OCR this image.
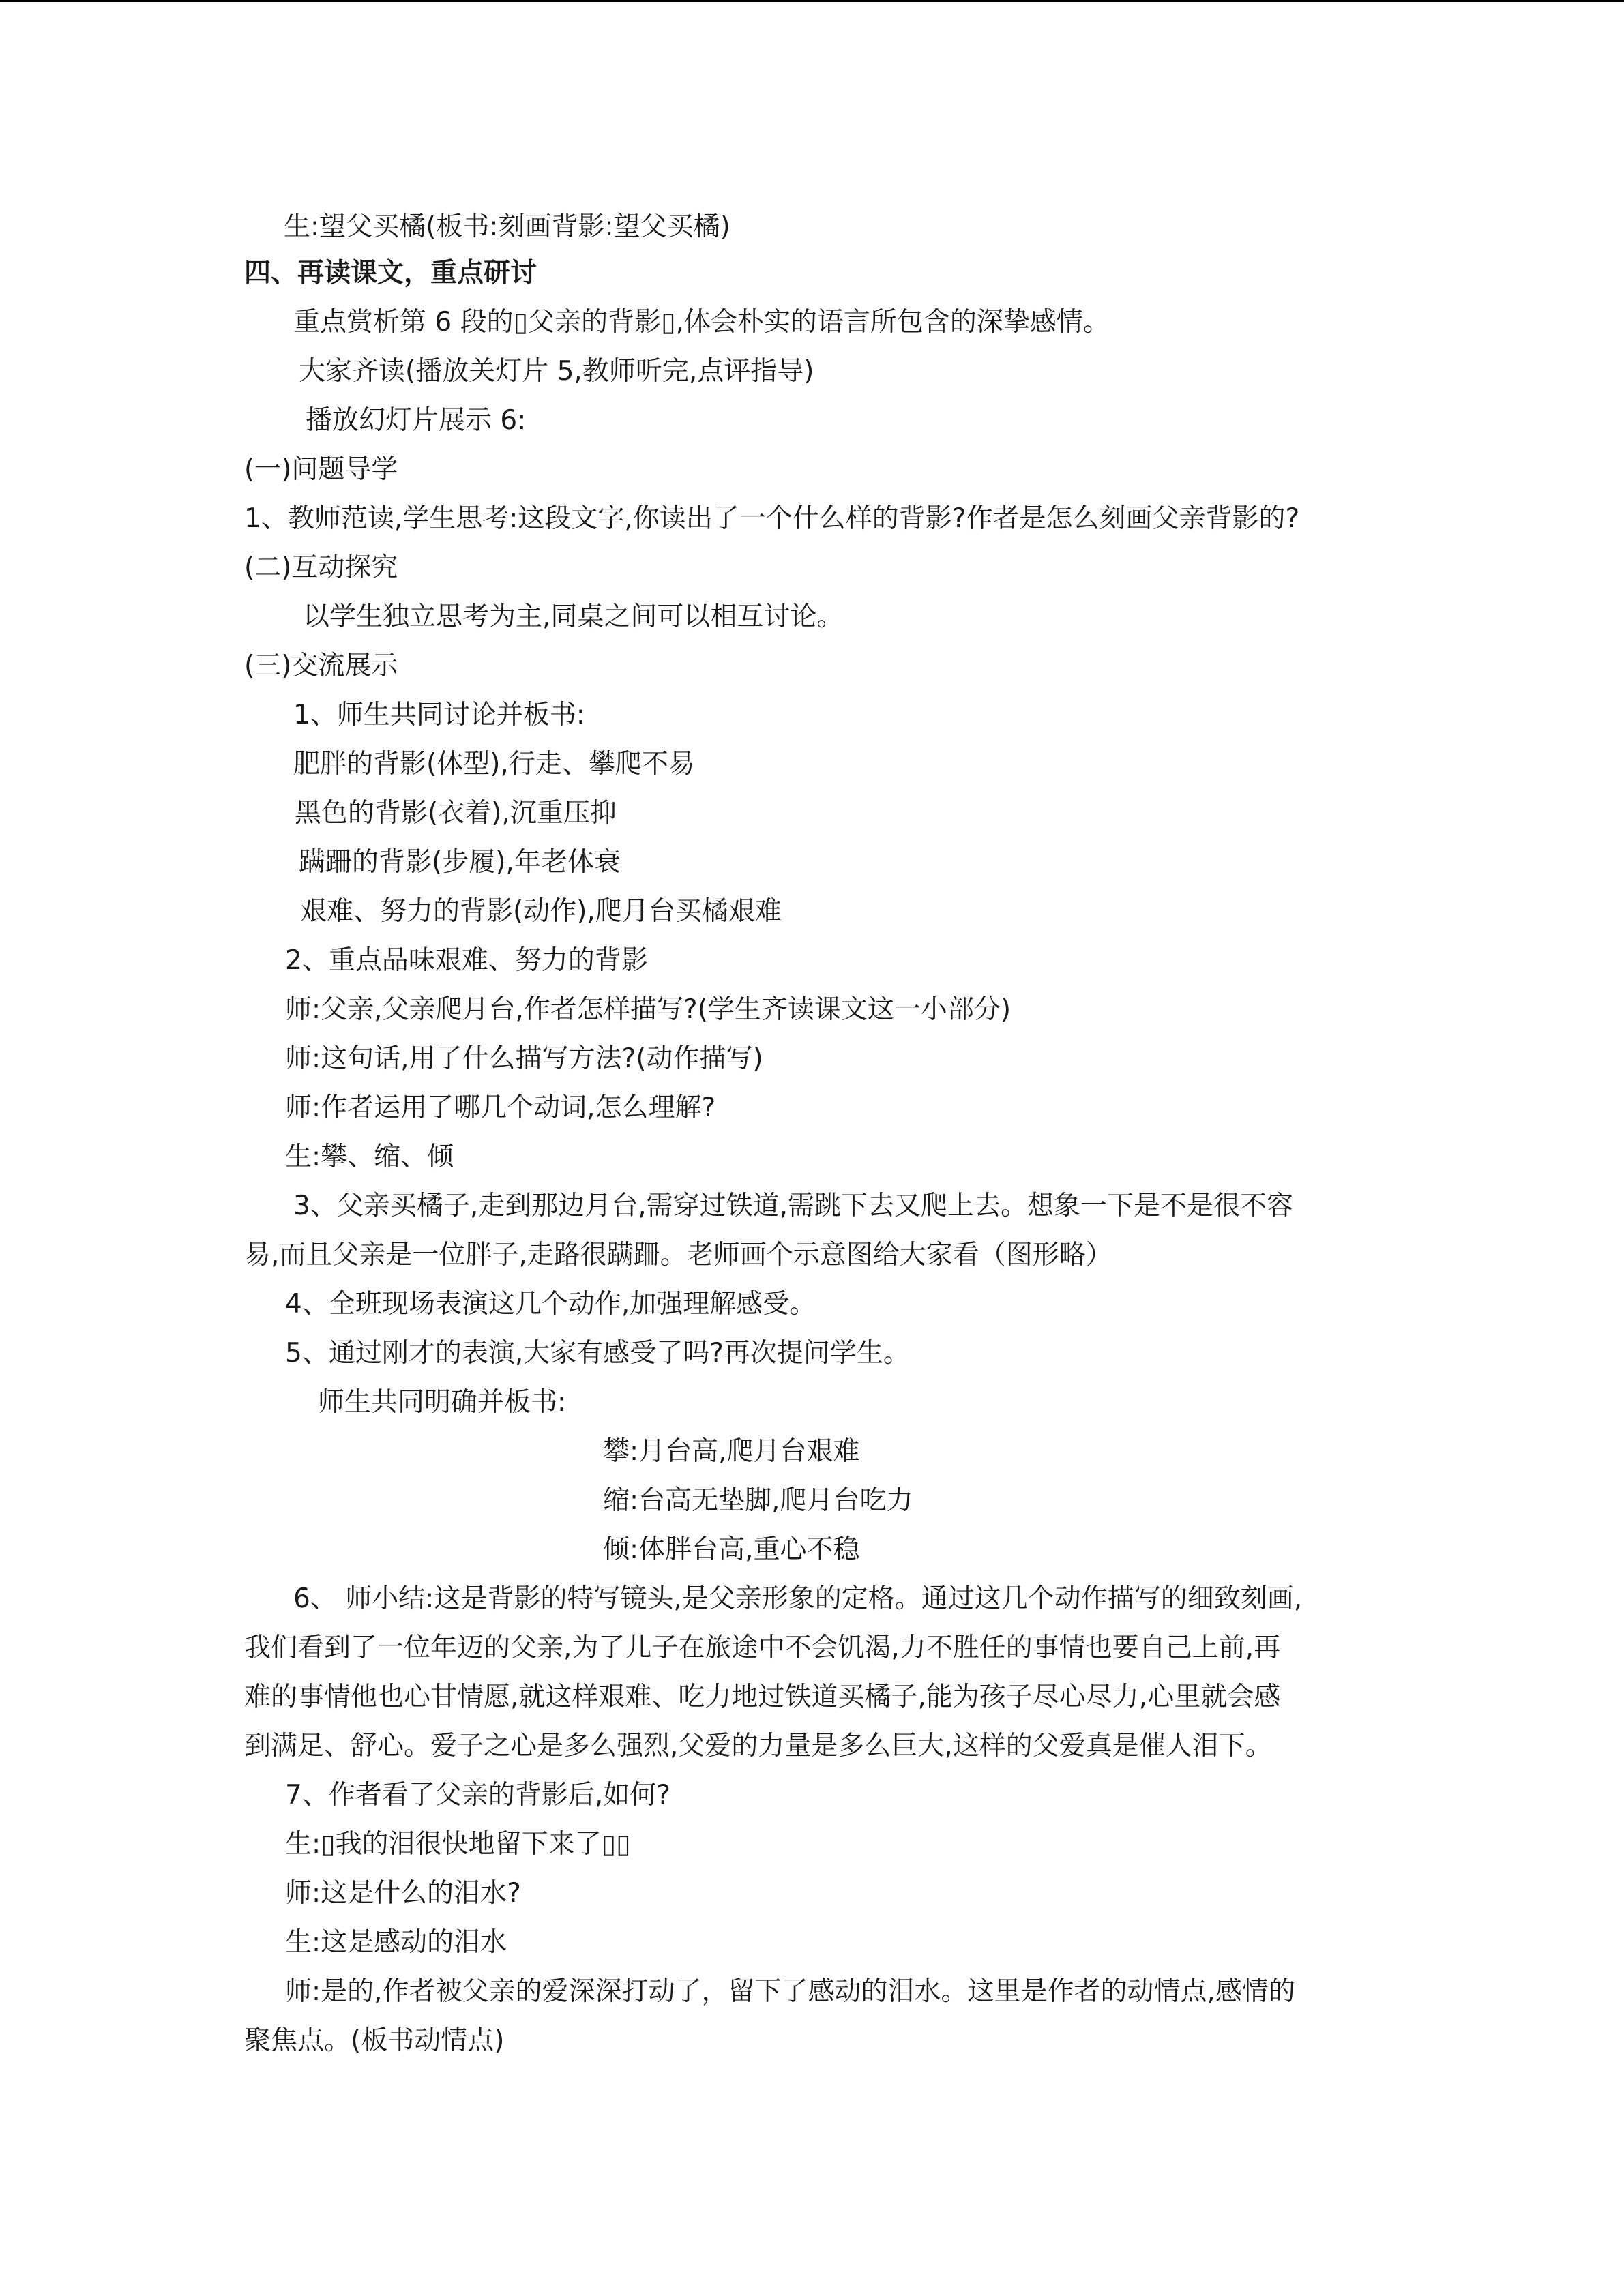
生:望父买橘(板书:刻画背影:望父买橘)
四、再读课文，重点研讨
重点赏析第 6 段的▯父亲的背影▯,体会朴实的语言所包含的深挚感情。
大家齐读(播放关灯片 5,教师听完,点评指导)
播放幻灯片展示 6:
(一)问题导学
1、教师范读,学生思考:这段文字,你读出了一个什么样的背影?作者是怎么刻画父亲背影的?
(二)互动探究
以学生独立思考为主,同桌之间可以相互讨论。
(三)交流展示
1、师生共同讨论并板书:
肥胖的背影(体型),行走、攀爬不易
黑色的背影(衣着),沉重压抑
蹒跚的背影(步履),年老体衰
艰难、努力的背影(动作),爬月台买橘艰难
2、重点品味艰难、努力的背影
师:父亲,父亲爬月台,作者怎样描写?(学生齐读课文这一小部分)
师:这句话,用了什么描写方法?(动作描写)
师:作者运用了哪几个动词,怎么理解?
生:攀、缩、倾
3、父亲买橘子,走到那边月台,需穿过铁道,需跳下去又爬上去。想象一下是不是很不容
易,而且父亲是一位胖子,走路很蹒跚。老师画个示意图给大家看（图形略）
4、全班现场表演这几个动作,加强理解感受。
5、通过刚才的表演,大家有感受了吗?再次提问学生。
师生共同明确并板书:
攀:月台高,爬月台艰难
缩:台高无垫脚,爬月台吃力
倾:体胖台高,重心不稳
6、 师小结:这是背影的特写镜头,是父亲形象的定格。通过这几个动作描写的细致刻画,
我们看到了一位年迈的父亲,为了儿子在旅途中不会饥渴,力不胜任的事情也要自己上前,再
难的事情他也心甘情愿,就这样艰难、吃力地过铁道买橘子,能为孩子尽心尽力,心里就会感
到满足、舒心。爱子之心是多么强烈,父爱的力量是多么巨大,这样的父爱真是催人泪下。
7、作者看了父亲的背影后,如何?
生:▯我的泪很快地留下来了▯▯
师:这是什么的泪水?
生:这是感动的泪水
师:是的,作者被父亲的爱深深打动了，留下了感动的泪水。这里是作者的动情点,感情的
聚焦点。(板书动情点)
